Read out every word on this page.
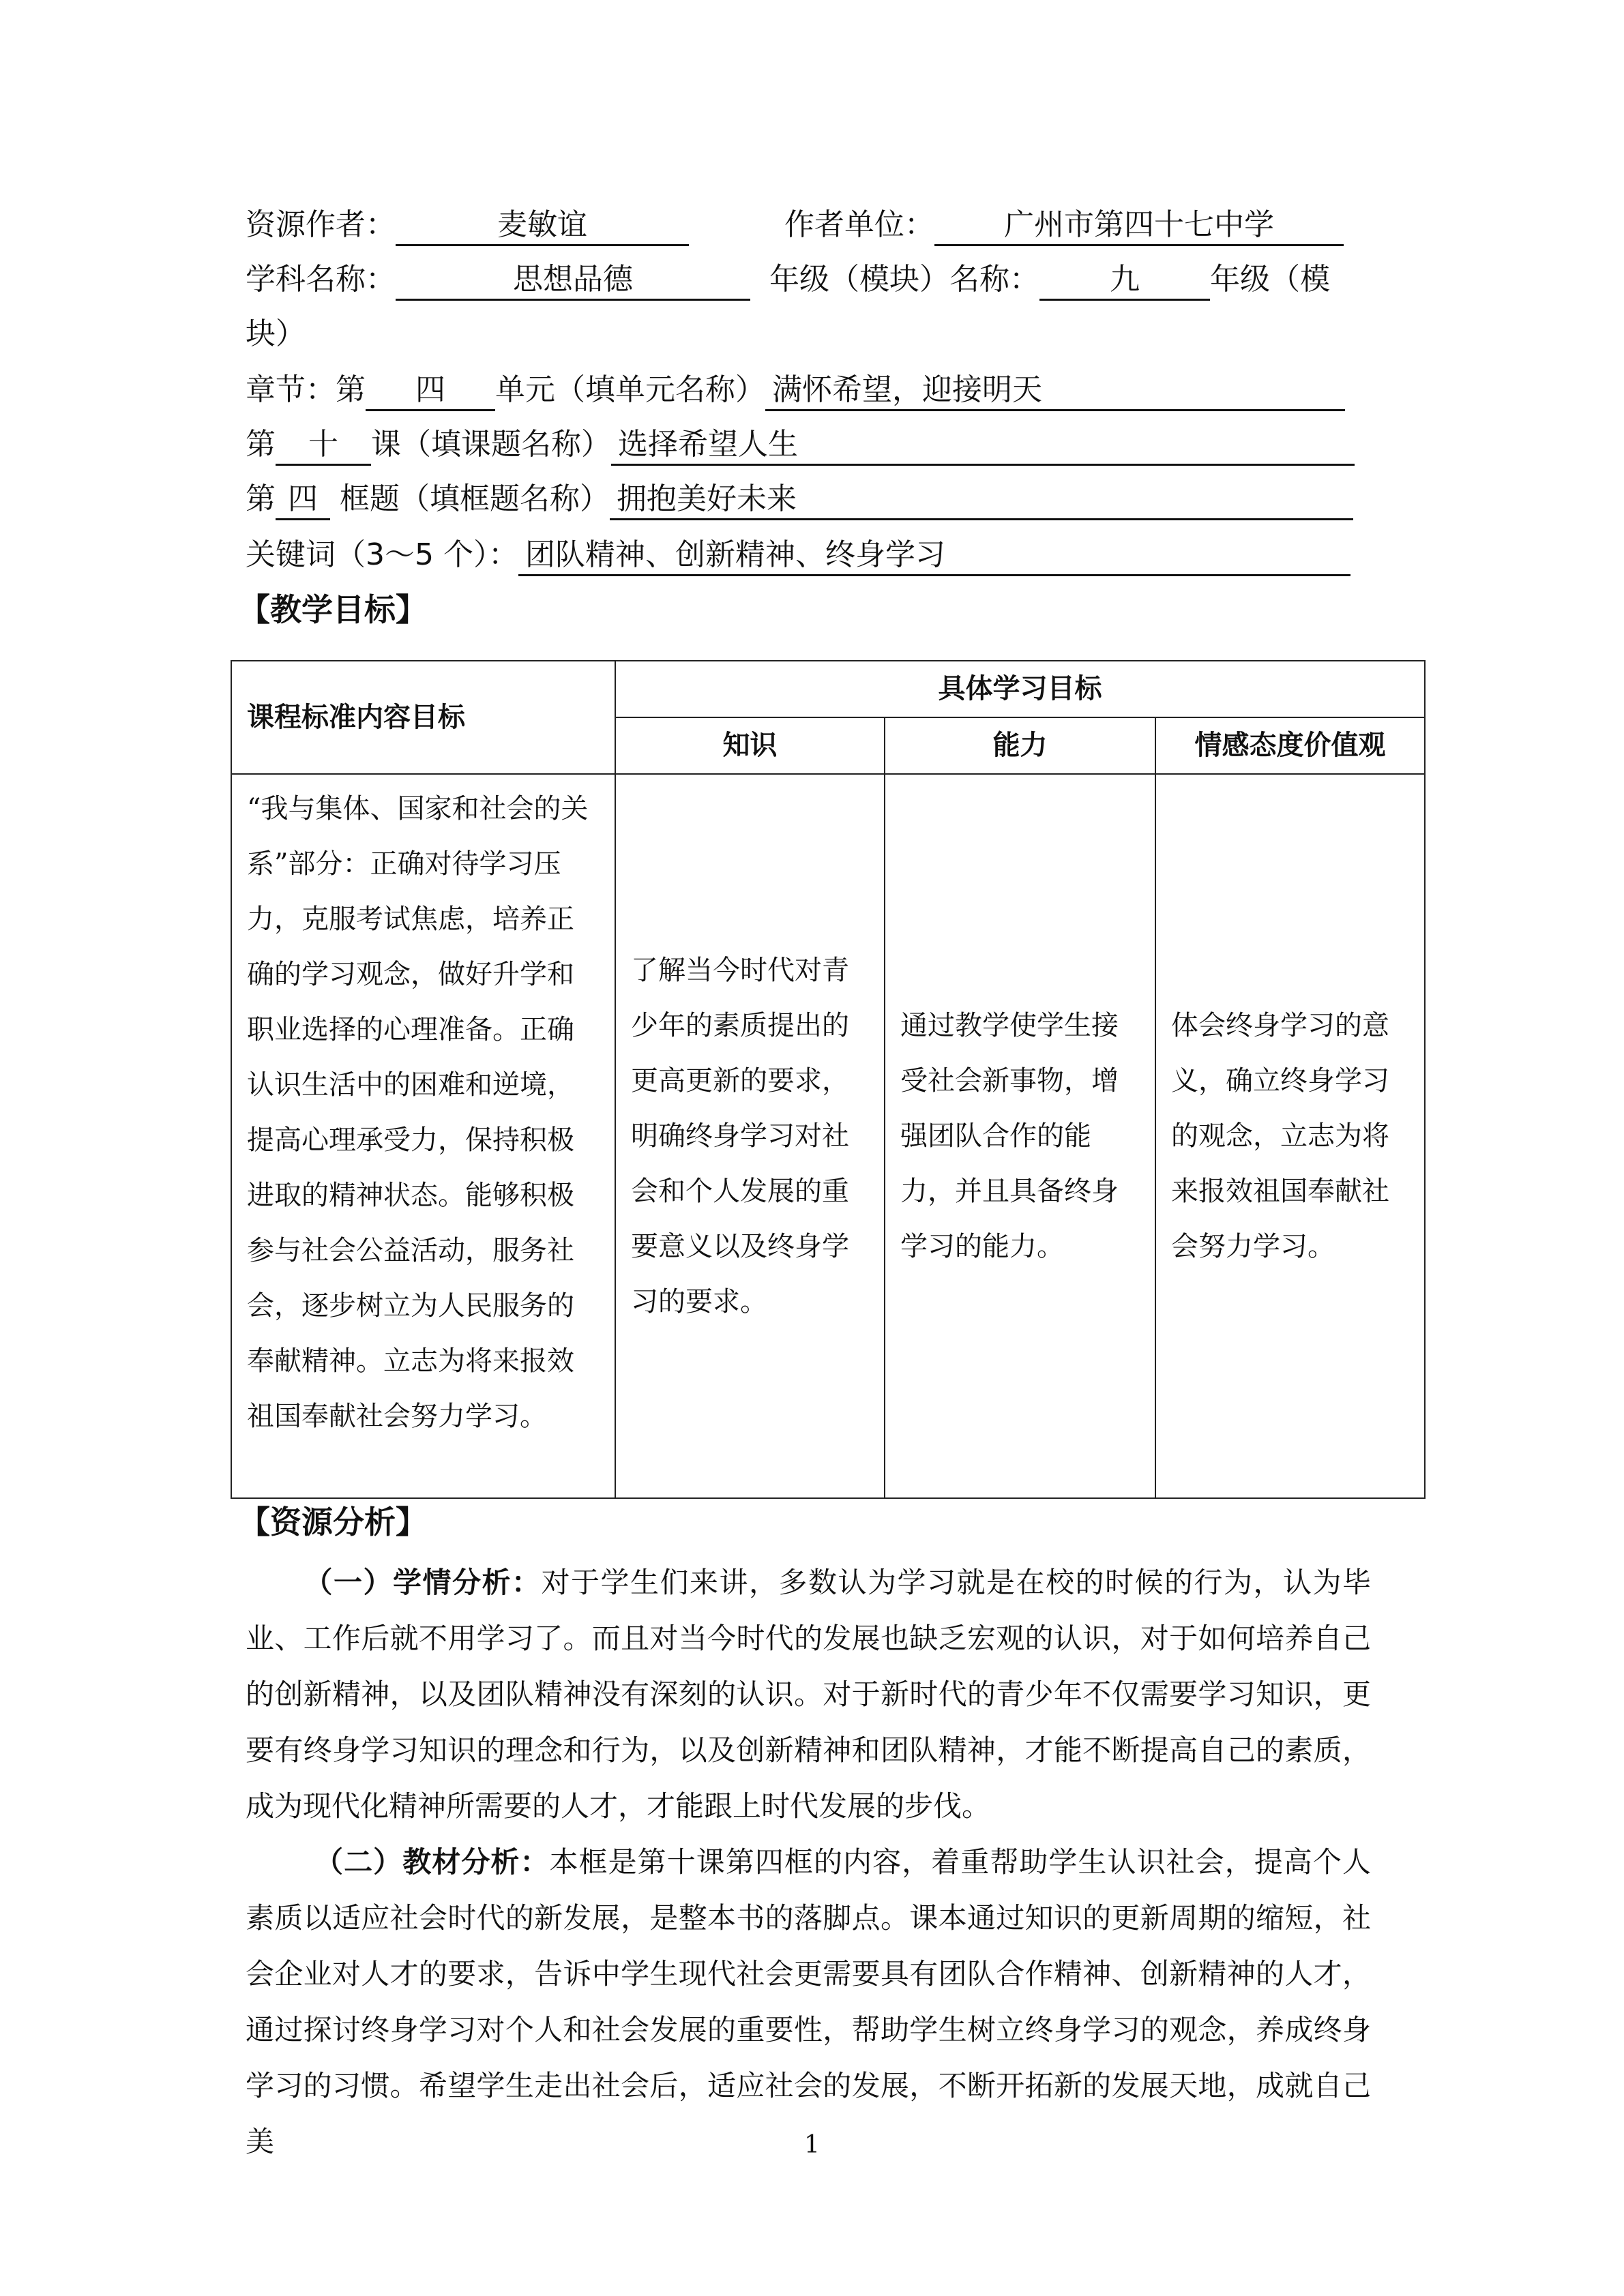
资源作者：	麦敏谊	作者单位： 广州市第四十七中学
学科名称：	思想品德	年级（模块）名称： 九 年级（模
块）
章节：第 四 单元（填单元名称） 满怀希望，迎接明天
第 十 课（填课题名称） 选择希望人生
第 四 框题（填框题名称） 拥抱美好未来
关键词（3～5 个）： 团队精神、创新精神、终身学习
【教学目标】
课程标准内容目标	具体学习目标		
	知识	能力	情感态度价值观
“我与集体、国家和社会的关系”部分：正确对待学习压力，克服考试焦虑，培养正确的学习观念，做好升学和职业选择的心理准备。正确认识生活中的困难和逆境，提高心理承受力，保持积极进取的精神状态。能够积极参与社会公益活动，服务社会，逐步树立为人民服务的奉献精神。立志为将来报效祖国奉献社会努力学习。	了解当今时代对青少年的素质提出的更高更新的要求，明确终身学习对社会和个人发展的重要意义以及终身学习的要求。	通过教学使学生接受社会新事物，增强团队合作的能力，并且具备终身学习的能力。	体会终身学习的意义，确立终身学习的观念，立志为将来报效祖国奉献社会努力学习。
【资源分析】
（一）学情分析：对于学生们来讲，多数认为学习就是在校的时候的行为，认为毕业、工作后就不用学习了。而且对当今时代的发展也缺乏宏观的认识，对于如何培养自己的创新精神，以及团队精神没有深刻的认识。对于新时代的青少年不仅需要学习知识，更要有终身学习知识的理念和行为，以及创新精神和团队精神，才能不断提高自己的素质，成为现代化精神所需要的人才，才能跟上时代发展的步伐。
（二）教材分析：本框是第十课第四框的内容，着重帮助学生认识社会，提高个人素质以适应社会时代的新发展，是整本书的落脚点。课本通过知识的更新周期的缩短，社会企业对人才的要求，告诉中学生现代社会更需要具有团队合作精神、创新精神的人才，通过探讨终身学习对个人和社会发展的重要性，帮助学生树立终身学习的观念，养成终身学习的习惯。希望学生走出社会后，适应社会的发展，不断开拓新的发展天地，成就自己美	1
